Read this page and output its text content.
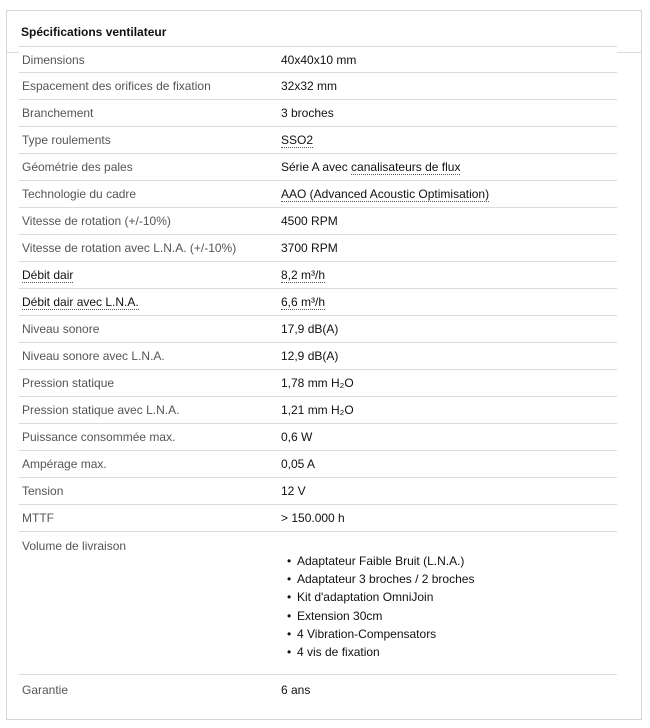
Spécifications ventilateur
Dimensions	40x40x10 mm
Espacement des orifices de fixation	32x32 mm
Branchement	3 broches
Type roulements	SSO2
Géométrie des pales	Série A avec canalisateurs de flux
Technologie du cadre	AAO (Advanced Acoustic Optimisation)
Vitesse de rotation (+/-10%)	4500 RPM
Vitesse de rotation avec L.N.A. (+/-10%)	3700 RPM
Débit dair	8,2 m³/h
Débit dair avec L.N.A.	6,6 m³/h
Niveau sonore	17,9 dB(A)
Niveau sonore avec L.N.A.	12,9 dB(A)
Pression statique	1,78 mm H₂O
Pression statique avec L.N.A.	1,21 mm H₂O
Puissance consommée max.	0,6 W
Ampérage max.	0,05 A
Tension	12 V
MTTF	> 150.000 h
Volume de livraison
• Adaptateur Faible Bruit (L.N.A.)
• Adaptateur 3 broches / 2 broches
• Kit d'adaptation OmniJoin
• Extension 30cm
• 4 Vibration-Compensators
• 4 vis de fixation
Garantie	6 ans
